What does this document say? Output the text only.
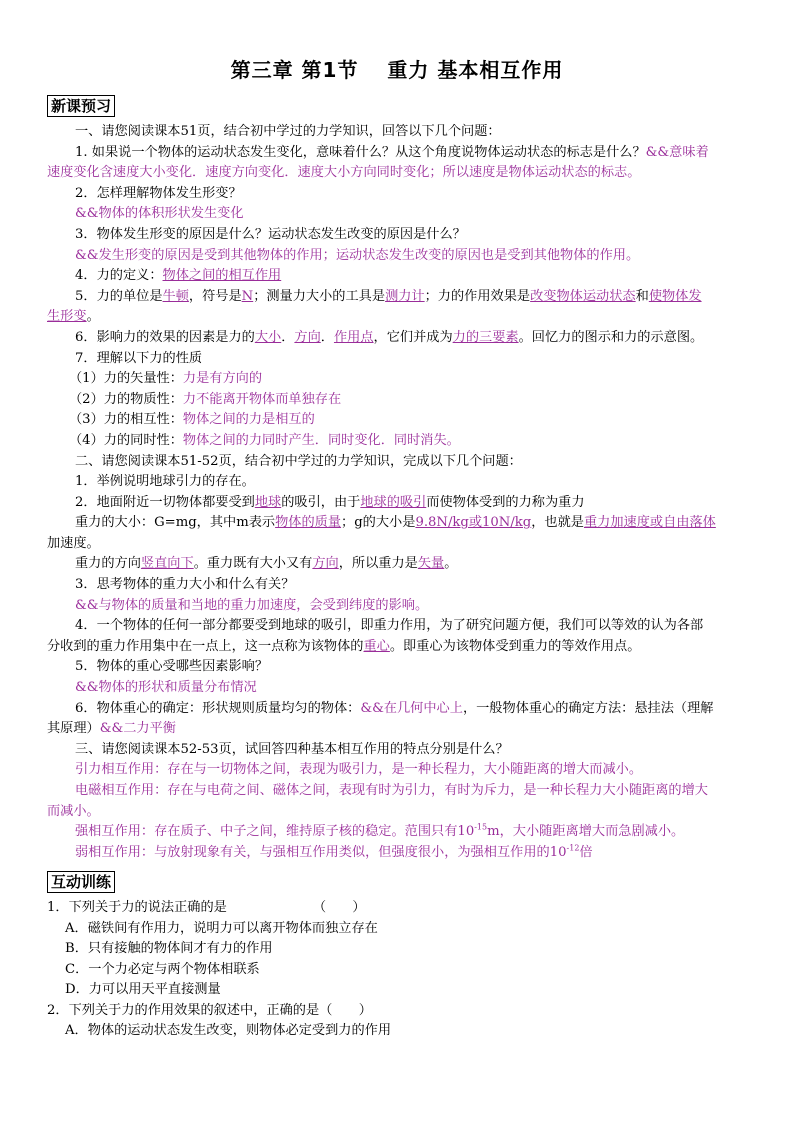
第三章 第1节　 重力 基本相互作用
新课预习
一、请您阅读课本51页，结合初中学过的力学知识，回答以下几个问题：
1. 如果说一个物体的运动状态发生变化，意味着什么？从这个角度说物体运动状态的标志是什么？&&意味着
速度变化含速度大小变化．速度方向变化．速度大小方向同时变化；所以速度是物体运动状态的标志。
2．怎样理解物体发生形变？
&&物体的体积形状发生变化
3．物体发生形变的原因是什么？运动状态发生改变的原因是什么？
&&发生形变的原因是受到其他物体的作用；运动状态发生改变的原因也是受到其他物体的作用。
4．力的定义：物体之间的相互作用
5．力的单位是牛顿，符号是N；测量力大小的工具是测力计；力的作用效果是改变物体运动状态和使物体发
生形变。
6．影响力的效果的因素是力的大小．方向．作用点，它们并成为力的三要素。回忆力的图示和力的示意图。
7．理解以下力的性质
（1）力的矢量性：力是有方向的
（2）力的物质性：力不能离开物体而单独存在
（3）力的相互性：物体之间的力是相互的
（4）力的同时性：物体之间的力同时产生．同时变化．同时消失。
二、请您阅读课本51-52页，结合初中学过的力学知识，完成以下几个问题：
1．举例说明地球引力的存在。
2．地面附近一切物体都要受到地球的吸引，由于地球的吸引而使物体受到的力称为重力
重力的大小：G=mg，其中m表示物体的质量；g的大小是9.8N/kg或10N/kg，也就是重力加速度或自由落体
加速度。
重力的方向竖直向下。重力既有大小又有方向，所以重力是矢量。
3．思考物体的重力大小和什么有关？
&&与物体的质量和当地的重力加速度，会受到纬度的影响。
4．一个物体的任何一部分都要受到地球的吸引，即重力作用，为了研究问题方便，我们可以等效的认为各部
分收到的重力作用集中在一点上，这一点称为该物体的重心。即重心为该物体受到重力的等效作用点。
5．物体的重心受哪些因素影响？
&&物体的形状和质量分布情况
6．物体重心的确定：形状规则质量均匀的物体：&&在几何中心上，一般物体重心的确定方法：悬挂法（理解
其原理）&&二力平衡
三、请您阅读课本52-53页，试回答四种基本相互作用的特点分别是什么？
引力相互作用：存在与一切物体之间，表现为吸引力，是一种长程力，大小随距离的增大而减小。
电磁相互作用：存在与电荷之间、磁体之间，表现有时为引力，有时为斥力，是一种长程力大小随距离的增大
而减小。
强相互作用：存在质子、中子之间，维持原子核的稳定。范围只有$10^{-15}m$，大小随距离增大而急剧减小。
弱相互作用：与放射现象有关，与强相互作用类似，但强度很小，为强相互作用的$10^{-12}$倍
互动训练
1．下列关于力的说法正确的是	（　　）
A．磁铁间有作用力，说明力可以离开物体而独立存在
B．只有接触的物体间才有力的作用
C．一个力必定与两个物体相联系
D．力可以用天平直接测量
2．下列关于力的作用效果的叙述中，正确的是（　　）
A．物体的运动状态发生改变，则物体必定受到力的作用
